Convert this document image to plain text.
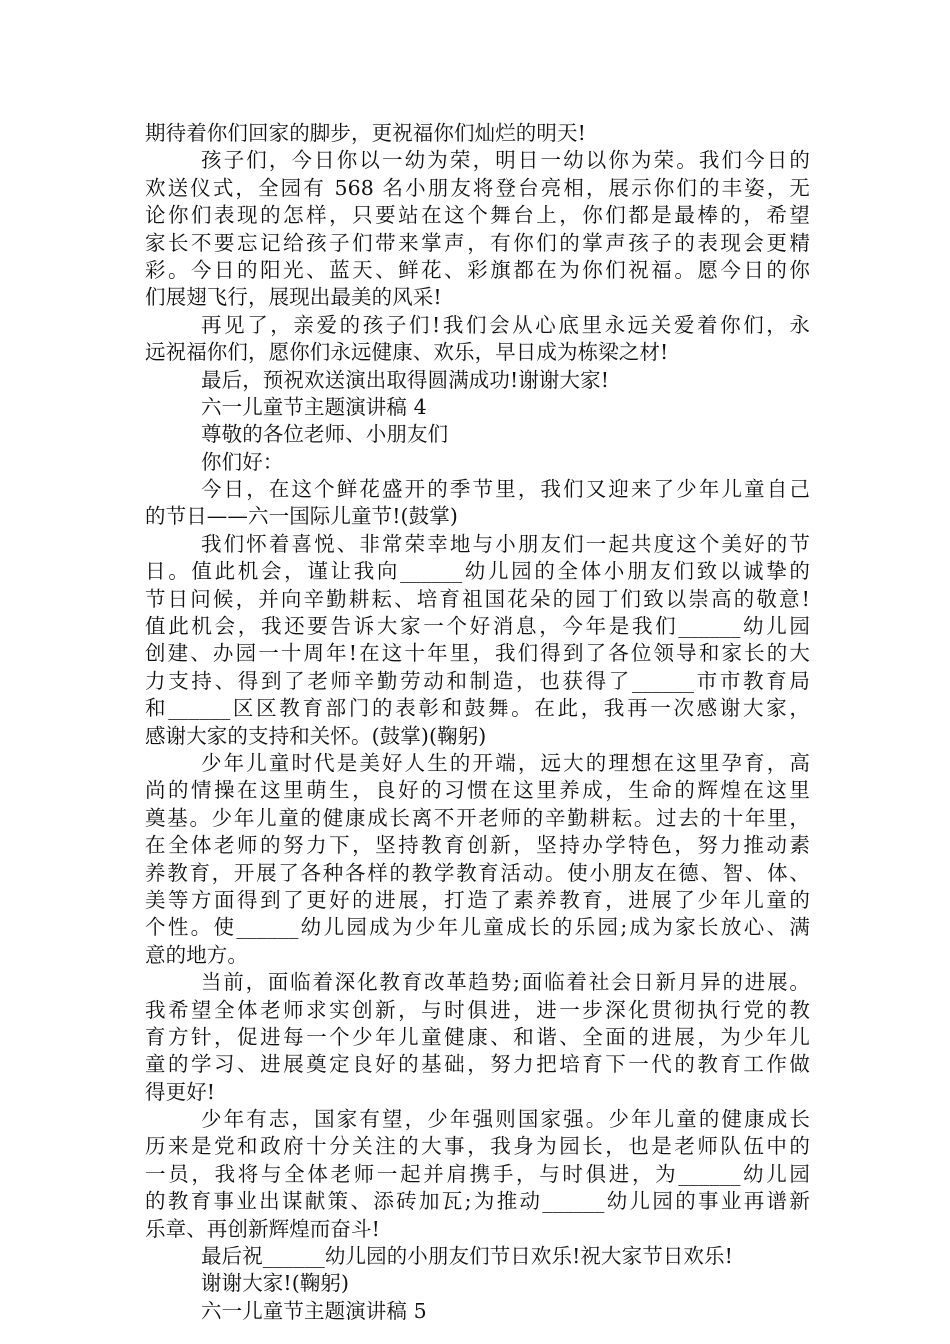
期待着你们回家的脚步，更祝福你们灿烂的明天!
孩子们，今日你以一幼为荣，明日一幼以你为荣。我们今日的
欢送仪式，全园有 568 名小朋友将登台亮相，展示你们的丰姿，无
论你们表现的怎样，只要站在这个舞台上，你们都是最棒的，希望
家长不要忘记给孩子们带来掌声，有你们的掌声孩子的表现会更精
彩。今日的阳光、蓝天、鲜花、彩旗都在为你们祝福。愿今日的你
们展翅飞行，展现出最美的风采!
再见了，亲爱的孩子们!我们会从心底里永远关爱着你们，永
远祝福你们，愿你们永远健康、欢乐，早日成为栋梁之材!
最后，预祝欢送演出取得圆满成功!谢谢大家!
六一儿童节主题演讲稿 4
尊敬的各位老师、小朋友们
你们好：
今日，在这个鲜花盛开的季节里，我们又迎来了少年儿童自己
的节日——六一国际儿童节!(鼓掌)
我们怀着喜悦、非常荣幸地与小朋友们一起共度这个美好的节
日。值此机会，谨让我向______幼儿园的全体小朋友们致以诚挚的
节日问候，并向辛勤耕耘、培育祖国花朵的园丁们致以崇高的敬意!
值此机会，我还要告诉大家一个好消息，今年是我们______幼儿园
创建、办园一十周年!在这十年里，我们得到了各位领导和家长的大
力支持、得到了老师辛勤劳动和制造，也获得了______市市教育局
和______区区教育部门的表彰和鼓舞。在此，我再一次感谢大家，
感谢大家的支持和关怀。(鼓掌)(鞠躬)
少年儿童时代是美好人生的开端，远大的理想在这里孕育，高
尚的情操在这里萌生，良好的习惯在这里养成，生命的辉煌在这里
奠基。少年儿童的健康成长离不开老师的辛勤耕耘。过去的十年里，
在全体老师的努力下，坚持教育创新，坚持办学特色，努力推动素
养教育，开展了各种各样的教学教育活动。使小朋友在德、智、体、
美等方面得到了更好的进展，打造了素养教育，进展了少年儿童的
个性。使______幼儿园成为少年儿童成长的乐园;成为家长放心、满
意的地方。
当前，面临着深化教育改革趋势;面临着社会日新月异的进展。
我希望全体老师求实创新，与时俱进，进一步深化贯彻执行党的教
育方针，促进每一个少年儿童健康、和谐、全面的进展，为少年儿
童的学习、进展奠定良好的基础，努力把培育下一代的教育工作做
得更好!
少年有志，国家有望，少年强则国家强。少年儿童的健康成长
历来是党和政府十分关注的大事，我身为园长，也是老师队伍中的
一员，我将与全体老师一起并肩携手，与时俱进，为______幼儿园
的教育事业出谋献策、添砖加瓦;为推动______幼儿园的事业再谱新
乐章、再创新辉煌而奋斗!
最后祝______幼儿园的小朋友们节日欢乐!祝大家节日欢乐!
谢谢大家!(鞠躬)
六一儿童节主题演讲稿 5
